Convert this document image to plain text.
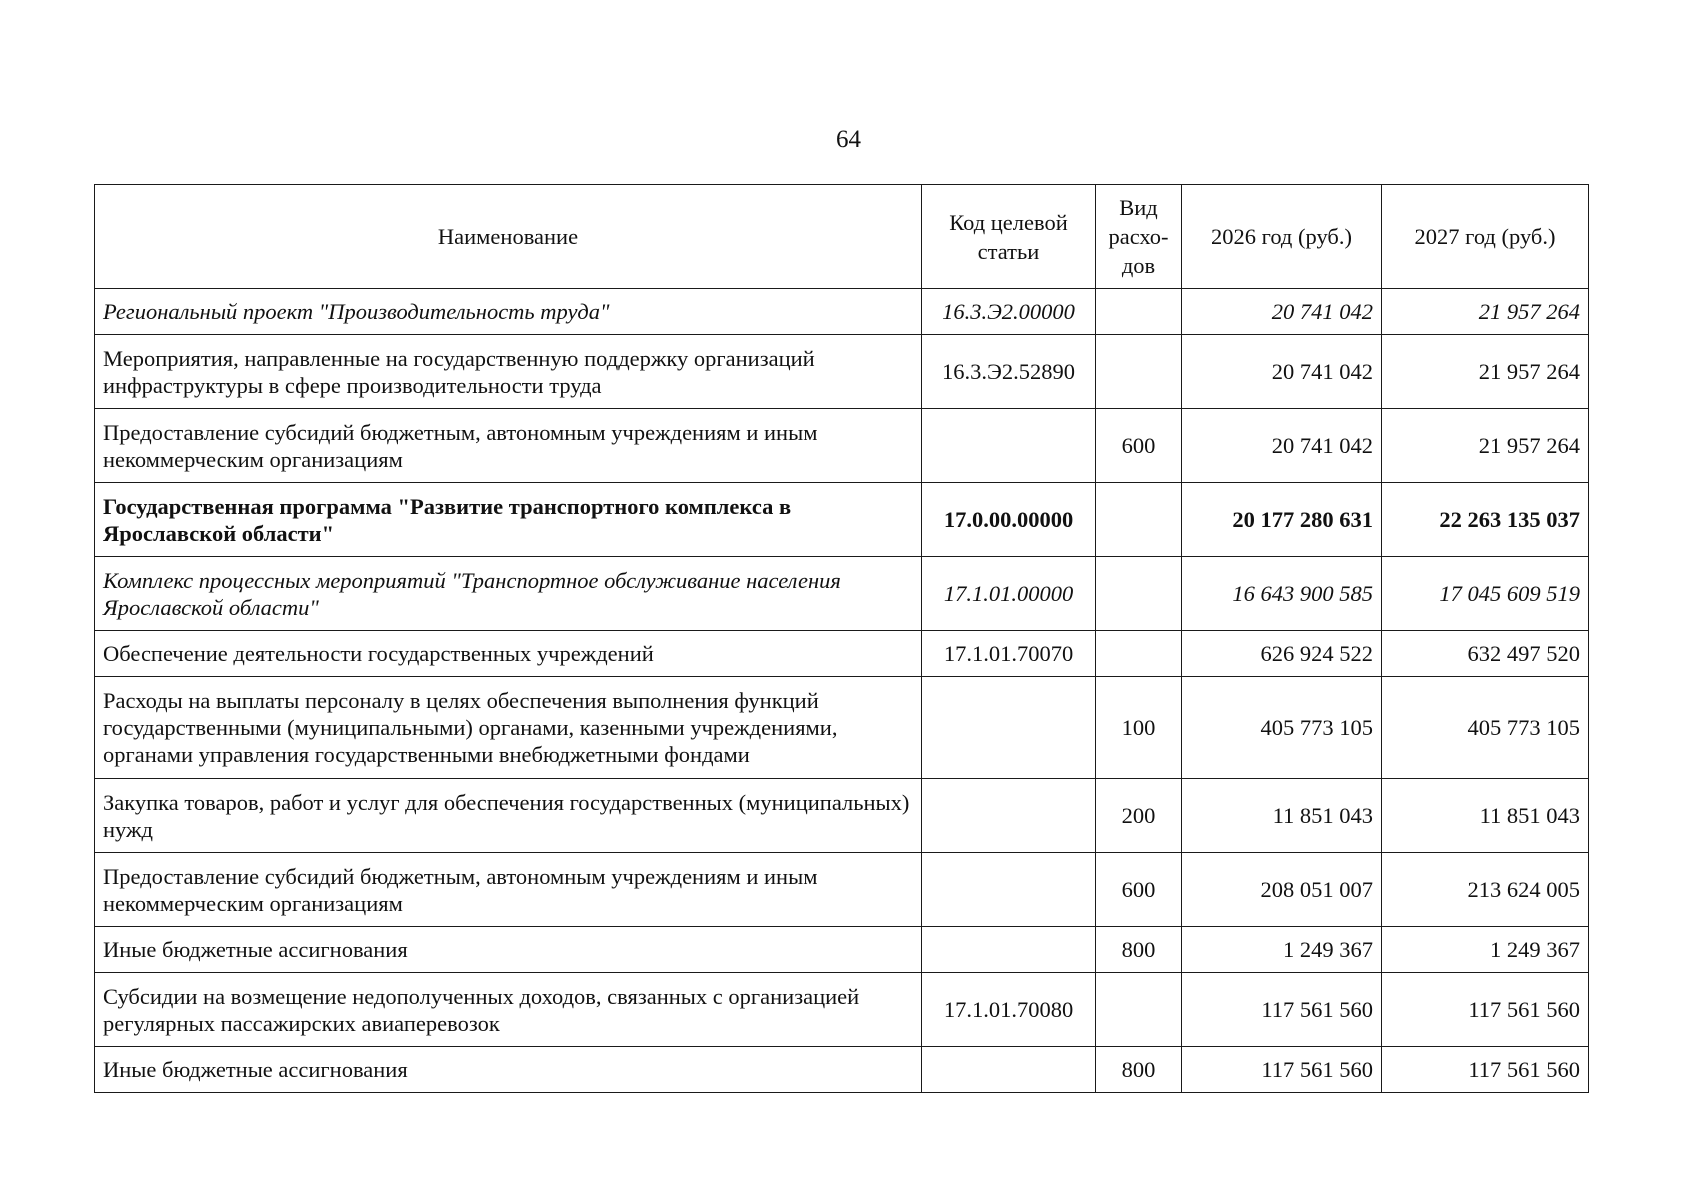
64
Наименование	Код целевой статьи	Вид расхо-дов	2026 год (руб.)	2027 год (руб.)
Региональный проект "Производительность труда"	16.3.Э2.00000		20 741 042	21 957 264
Мероприятия, направленные на государственную поддержку организаций инфраструктуры в сфере производительности труда	16.3.Э2.52890		20 741 042	21 957 264
Предоставление субсидий бюджетным, автономным учреждениям и иным некоммерческим организациям		600	20 741 042	21 957 264
Государственная программа "Развитие транспортного комплекса в Ярославской области"	17.0.00.00000		20 177 280 631	22 263 135 037
Комплекс процессных мероприятий "Транспортное обслуживание населения Ярославской области"	17.1.01.00000		16 643 900 585	17 045 609 519
Обеспечение деятельности государственных учреждений	17.1.01.70070		626 924 522	632 497 520
Расходы на выплаты персоналу в целях обеспечения выполнения функций государственными (муниципальными) органами, казенными учреждениями, органами управления государственными внебюджетными фондами		100	405 773 105	405 773 105
Закупка товаров, работ и услуг для обеспечения государственных (муниципальных) нужд		200	11 851 043	11 851 043
Предоставление субсидий бюджетным, автономным учреждениям и иным некоммерческим организациям		600	208 051 007	213 624 005
Иные бюджетные ассигнования		800	1 249 367	1 249 367
Субсидии на возмещение недополученных доходов, связанных с организацией регулярных пассажирских авиаперевозок	17.1.01.70080		117 561 560	117 561 560
Иные бюджетные ассигнования		800	117 561 560	117 561 560
